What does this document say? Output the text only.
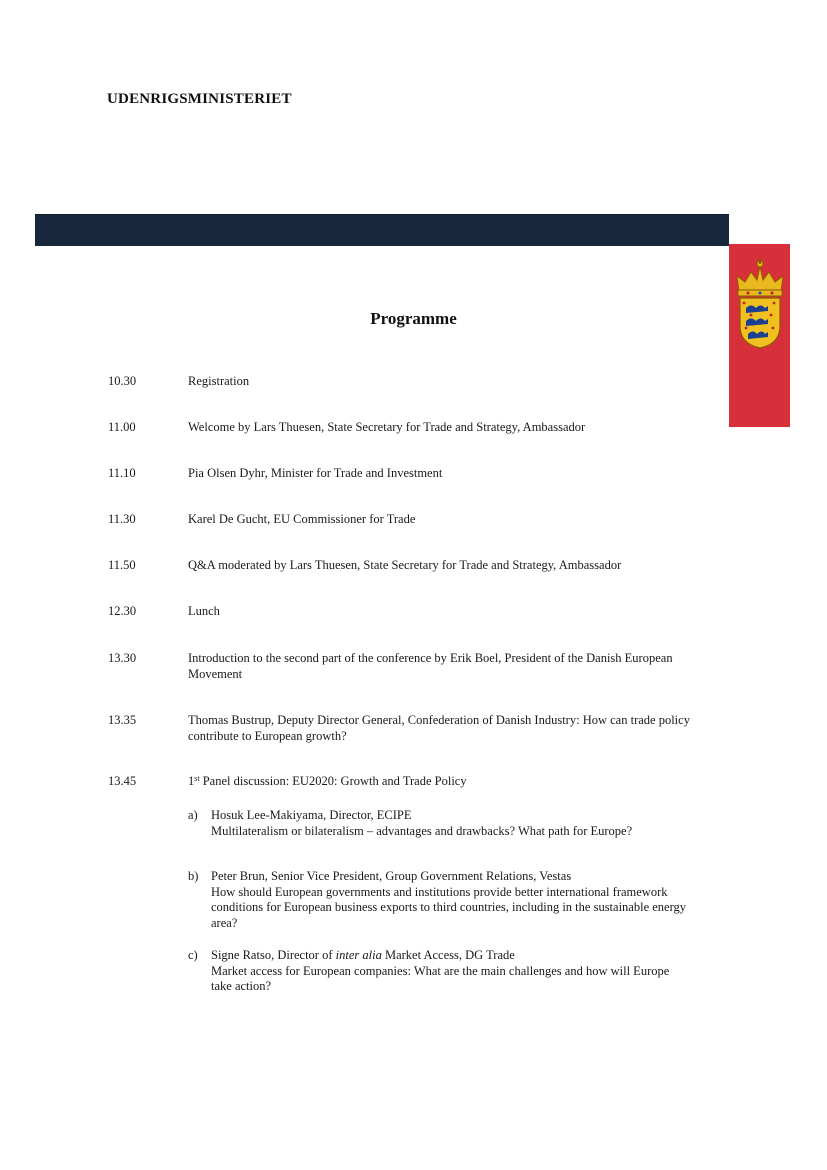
UDENRIGSMINISTERIET
Programme
10.30	Registration
11.00	Welcome by Lars Thuesen, State Secretary for Trade and Strategy, Ambassador
11.10	Pia Olsen Dyhr, Minister for Trade and Investment
11.30	Karel De Gucht, EU Commissioner for Trade
11.50	Q&A moderated by Lars Thuesen, State Secretary for Trade and Strategy, Ambassador
12.30	Lunch
13.30	Introduction to the second part of the conference by Erik Boel, President of the Danish European Movement
13.35	Thomas Bustrup, Deputy Director General, Confederation of Danish Industry: How can trade policy contribute to European growth?
13.45	1st Panel discussion: EU2020: Growth and Trade Policy
a) Hosuk Lee-Makiyama, Director, ECIPE
Multilateralism or bilateralism – advantages and drawbacks? What path for Europe?
b) Peter Brun, Senior Vice President, Group Government Relations, Vestas
How should European governments and institutions provide better international framework conditions for European business exports to third countries, including in the sustainable energy area?
c) Signe Ratso, Director of inter alia Market Access, DG Trade
Market access for European companies: What are the main challenges and how will Europe take action?
